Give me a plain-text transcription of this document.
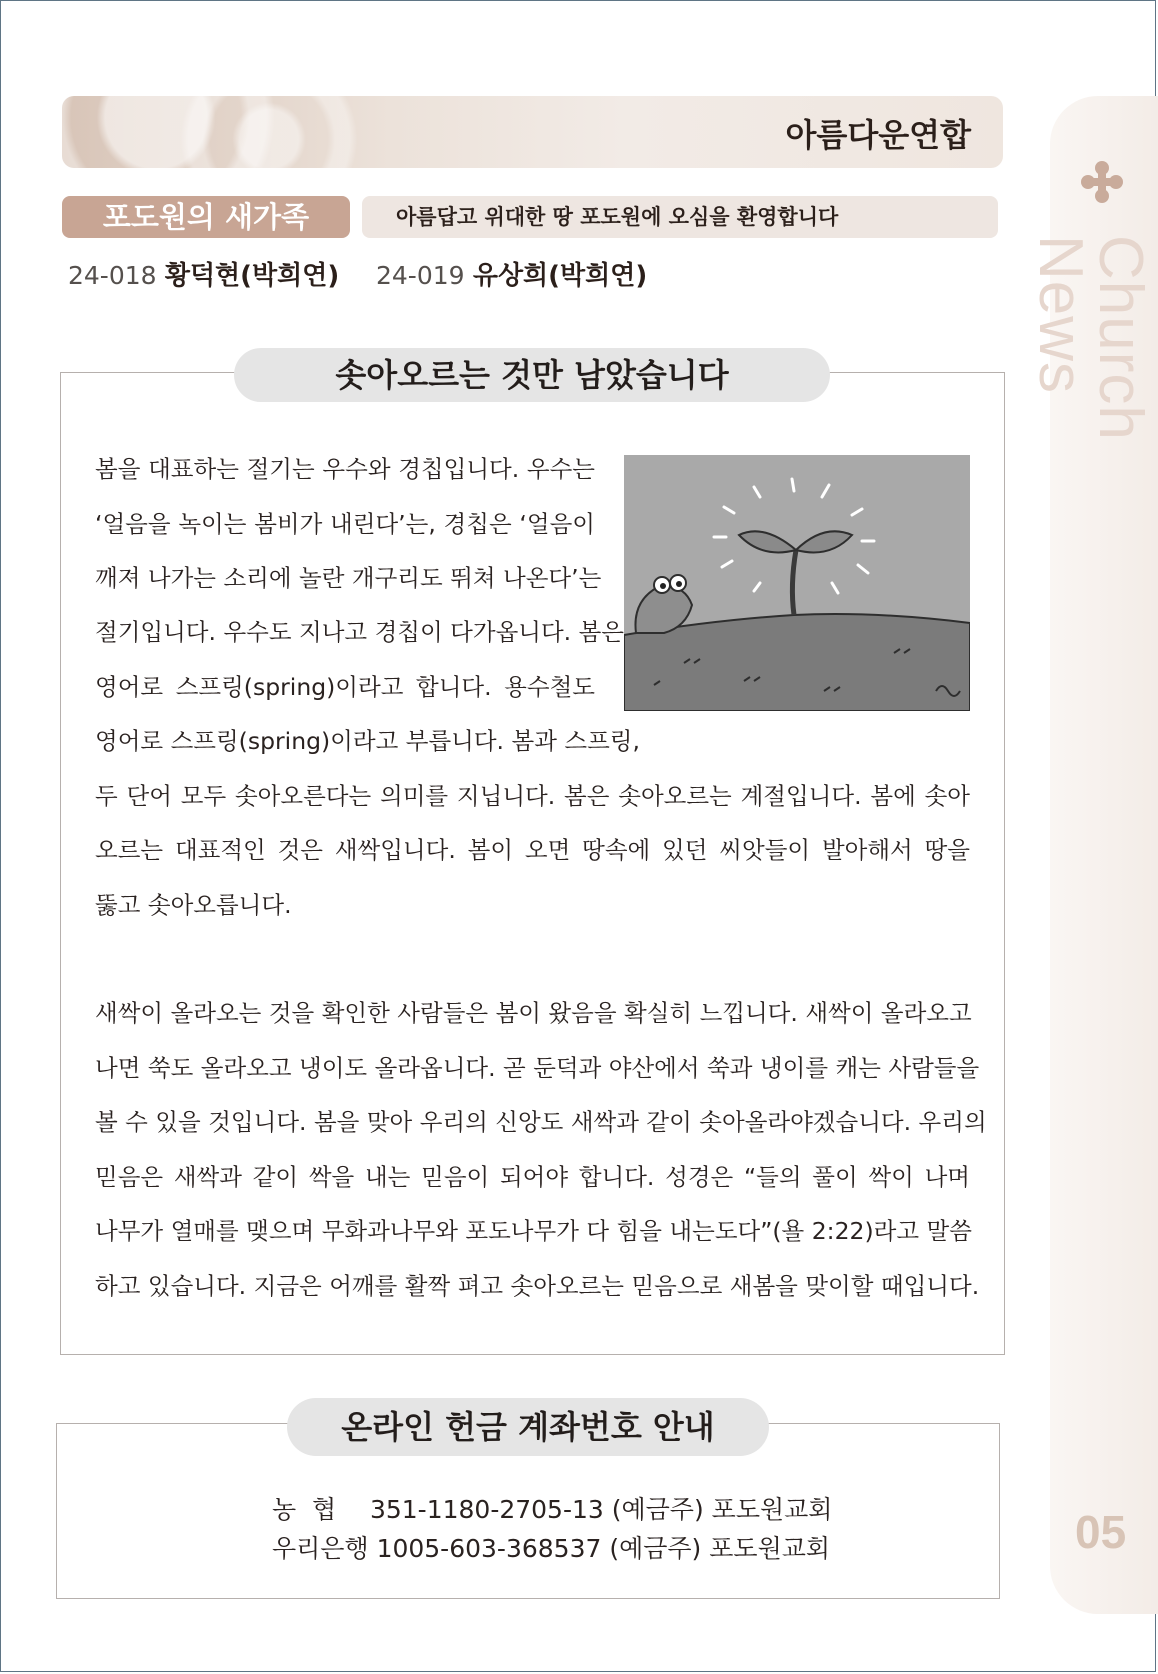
Church News
05
아름다운연합
포도원의 새가족	아름답고 위대한 땅 포도원에 오심을 환영합니다
24-018 황덕현(박희연) 24-019 유상희(박희연)
솟아오르는 것만 남았습니다
봄을 대표하는 절기는 우수와 경칩입니다. 우수는
‘얼음을 녹이는 봄비가 내린다’는, 경칩은 ‘얼음이
깨져 나가는 소리에 놀란 개구리도 뛰쳐 나온다’는
절기입니다. 우수도 지나고 경칩이 다가옵니다. 봄은
영어로 스프링(spring)이라고 합니다. 용수철도
영어로 스프링(spring)이라고 부릅니다. 봄과 스프링,
두 단어 모두 솟아오른다는 의미를 지닙니다. 봄은 솟아오르는 계절입니다. 봄에 솟아
오르는 대표적인 것은 새싹입니다. 봄이 오면 땅속에 있던 씨앗들이 발아해서 땅을
뚫고 솟아오릅니다.
새싹이 올라오는 것을 확인한 사람들은 봄이 왔음을 확실히 느낍니다. 새싹이 올라오고
나면 쑥도 올라오고 냉이도 올라옵니다. 곧 둔덕과 야산에서 쑥과 냉이를 캐는 사람들을
볼 수 있을 것입니다. 봄을 맞아 우리의 신앙도 새싹과 같이 솟아올라야겠습니다. 우리의
믿음은 새싹과 같이 싹을 내는 믿음이 되어야 합니다. 성경은 “들의 풀이 싹이 나며
나무가 열매를 맺으며 무화과나무와 포도나무가 다 힘을 내는도다”(욜 2:22)라고 말씀
하고 있습니다. 지금은 어깨를 활짝 펴고 솟아오르는 믿음으로 새봄을 맞이할 때입니다.
온라인 헌금 계좌번호 안내
농  협 351-1180-2705-13 (예금주) 포도원교회
우리은행 1005-603-368537 (예금주) 포도원교회
